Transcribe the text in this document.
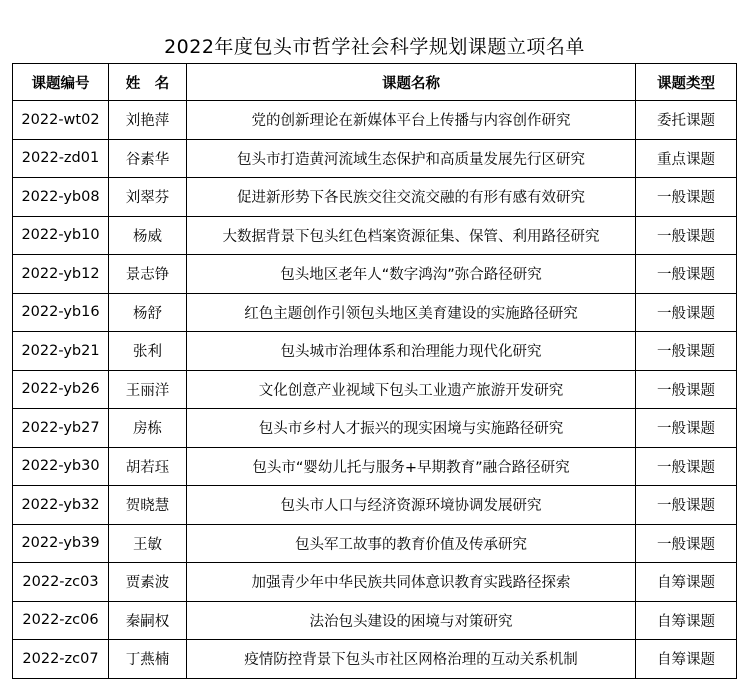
2022年度包头市哲学社会科学规划课题立项名单
课题编号	姓　名	课题名称	课题类型
2022-wt02	刘艳萍	党的创新理论在新媒体平台上传播与内容创作研究	委托课题
2022-zd01	谷素华	包头市打造黄河流域生态保护和高质量发展先行区研究	重点课题
2022-yb08	刘翠芬	促进新形势下各民族交往交流交融的有形有感有效研究	一般课题
2022-yb10	杨威	大数据背景下包头红色档案资源征集、保管、利用路径研究	一般课题
2022-yb12	景志铮	包头地区老年人“数字鸿沟”弥合路径研究	一般课题
2022-yb16	杨舒	红色主题创作引领包头地区美育建设的实施路径研究	一般课题
2022-yb21	张利	包头城市治理体系和治理能力现代化研究	一般课题
2022-yb26	王丽洋	文化创意产业视域下包头工业遗产旅游开发研究	一般课题
2022-yb27	房栋	包头市乡村人才振兴的现实困境与实施路径研究	一般课题
2022-yb30	胡若珏	包头市“婴幼儿托与服务+早期教育”融合路径研究	一般课题
2022-yb32	贺晓慧	包头市人口与经济资源环境协调发展研究	一般课题
2022-yb39	王敏	包头军工故事的教育价值及传承研究	一般课题
2022-zc03	贾素波	加强青少年中华民族共同体意识教育实践路径探索	自筹课题
2022-zc06	秦嗣权	法治包头建设的困境与对策研究	自筹课题
2022-zc07	丁燕楠	疫情防控背景下包头市社区网格治理的互动关系机制	自筹课题
